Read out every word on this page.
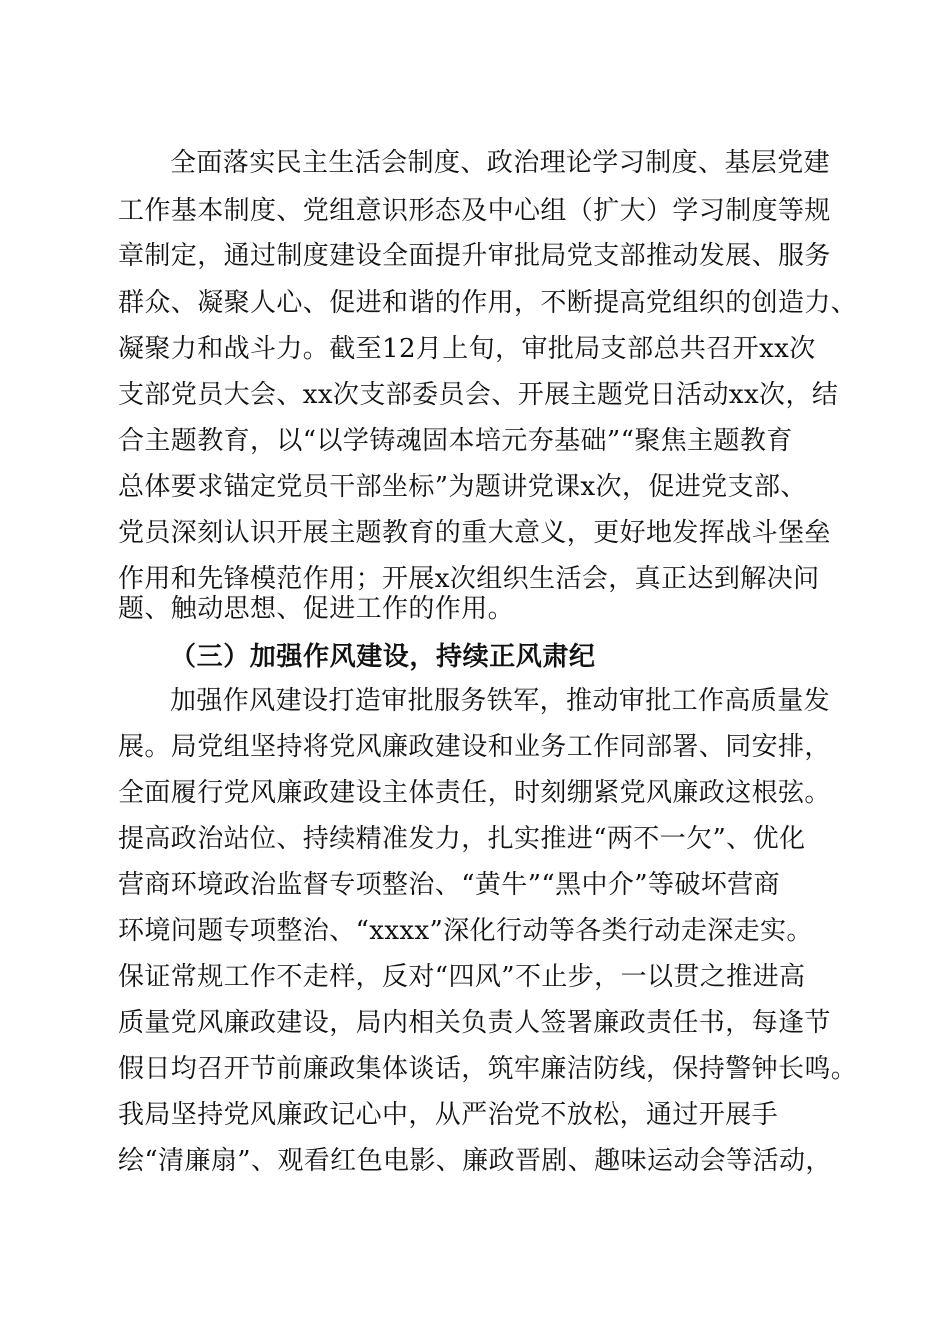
全面落实民主生活会制度、政治理论学习制度、基层党建
工作基本制度、党组意识形态及中心组（扩大）学习制度等规
章制定，通过制度建设全面提升审批局党支部推动发展、服务
群众、凝聚人心、促进和谐的作用，不断提高党组织的创造力、
凝聚力和战斗力。截至12月上旬，审批局支部总共召开xx次
支部党员大会、xx次支部委员会、开展主题党日活动xx次，结
合主题教育，以“以学铸魂固本培元夯基础”“聚焦主题教育
总体要求锚定党员干部坐标”为题讲党课x次，促进党支部、
党员深刻认识开展主题教育的重大意义，更好地发挥战斗堡垒
作用和先锋模范作用；开展x次组织生活会，真正达到解决问
题、触动思想、促进工作的作用。
（三）加强作风建设，持续正风肃纪
加强作风建设打造审批服务铁军，推动审批工作高质量发
展。局党组坚持将党风廉政建设和业务工作同部署、同安排，
全面履行党风廉政建设主体责任，时刻绷紧党风廉政这根弦。
提高政治站位、持续精准发力，扎实推进“两不一欠”、优化
营商环境政治监督专项整治、“黄牛”“黑中介”等破坏营商
环境问题专项整治、“xxxx”深化行动等各类行动走深走实。
保证常规工作不走样，反对“四风”不止步，一以贯之推进高
质量党风廉政建设，局内相关负责人签署廉政责任书，每逢节
假日均召开节前廉政集体谈话，筑牢廉洁防线，保持警钟长鸣。
我局坚持党风廉政记心中，从严治党不放松，通过开展手
绘“清廉扇”、观看红色电影、廉政晋剧、趣味运动会等活动，
